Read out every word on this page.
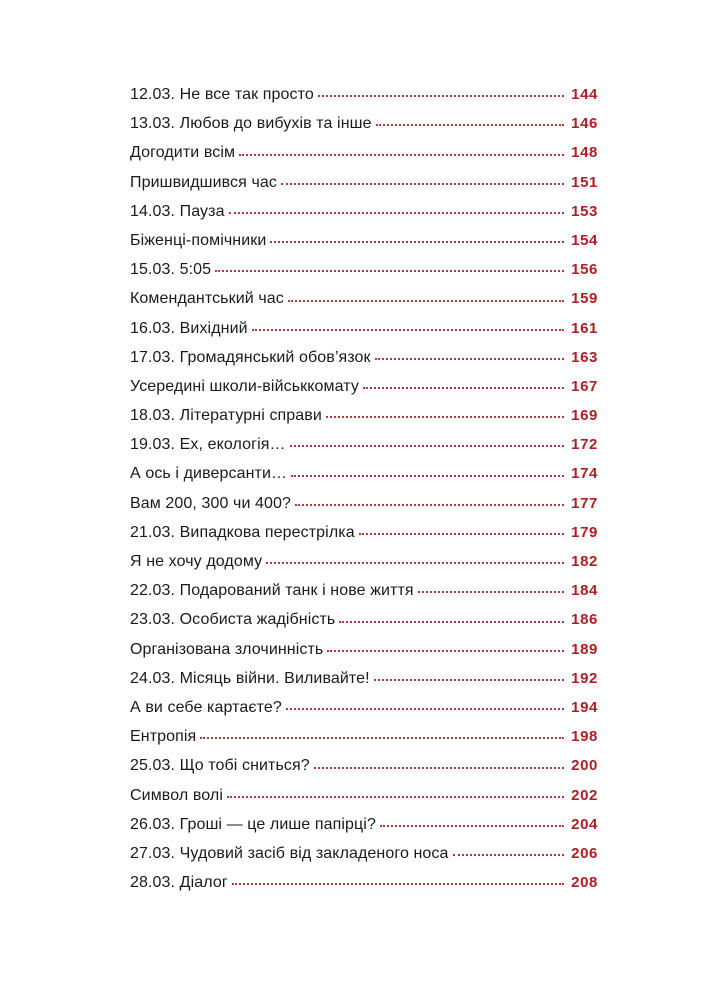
12.03. Не все так просто	144
13.03. Любов до вибухів та інше	146
Догодити всім	148
Пришвидшився час	151
14.03. Пауза	153
Біженці-помічники	154
15.03. 5:05	156
Комендантський час	159
16.03. Вихідний	161
17.03. Громадянський обов’язок	163
Усередині школи-військкомату	167
18.03. Літературні справи	169
19.03. Ех, екологія…	172
А ось і диверсанти…	174
Вам 200, 300 чи 400?	177
21.03. Випадкова перестрілка	179
Я не хочу додому	182
22.03. Подарований танк і нове життя	184
23.03. Особиста жадібність	186
Організована злочинність	189
24.03. Місяць війни. Виливайте!	192
А ви себе картаєте?	194
Ентропія	198
25.03. Що тобі сниться?	200
Символ волі	202
26.03. Гроші — це лише папірці?	204
27.03. Чудовий засіб від закладеного носа	206
28.03. Діалог	208
